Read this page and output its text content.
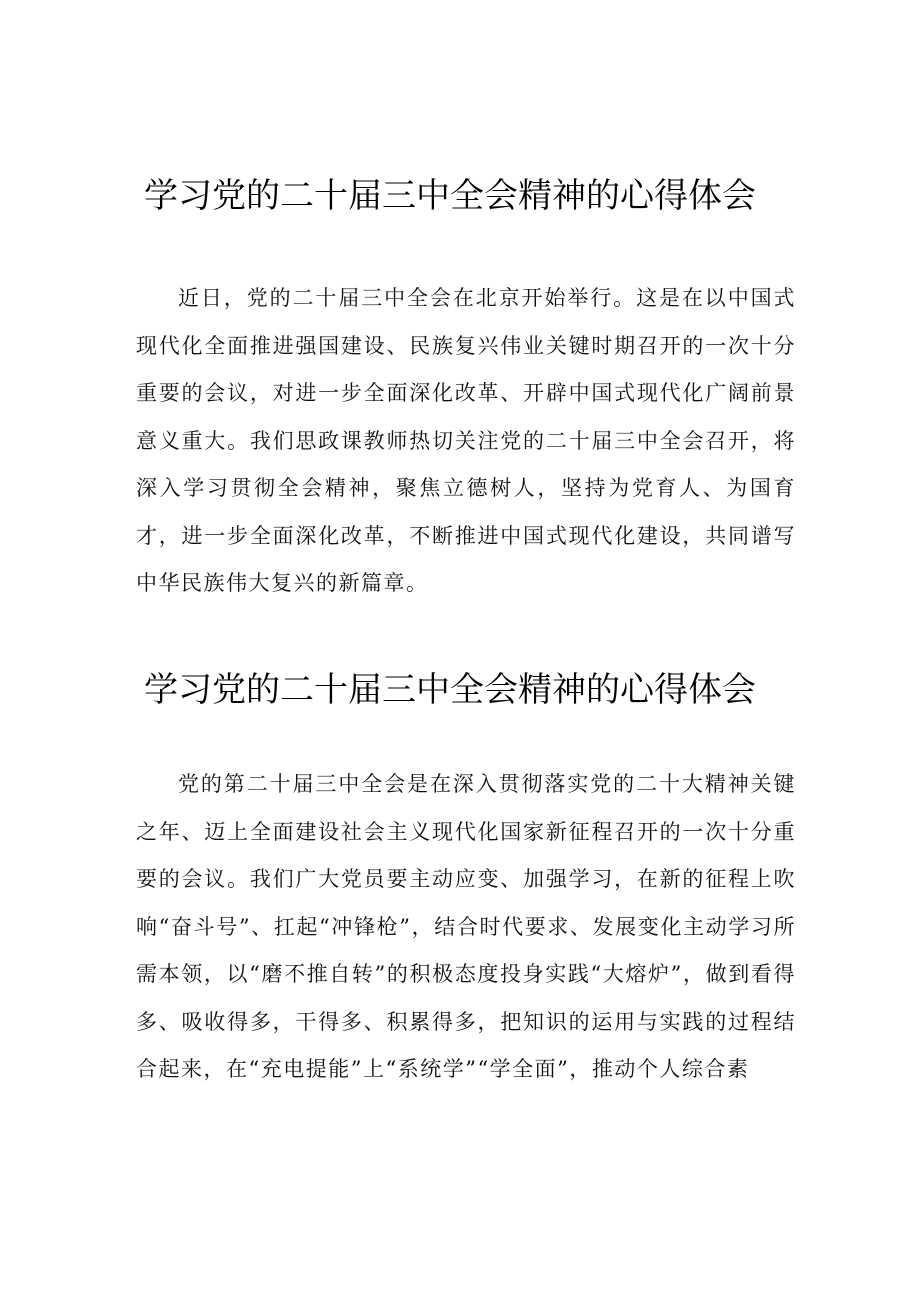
学习党的二十届三中全会精神的心得体会

近日，党的二十届三中全会在北京开始举行。这是在以中国式现代化全面推进强国建设、民族复兴伟业关键时期召开的一次十分重要的会议，对进一步全面深化改革、开辟中国式现代化广阔前景意义重大。我们思政课教师热切关注党的二十届三中全会召开，将深入学习贯彻全会精神，聚焦立德树人，坚持为党育人、为国育才，进一步全面深化改革，不断推进中国式现代化建设，共同谱写中华民族伟大复兴的新篇章。

学习党的二十届三中全会精神的心得体会

党的第二十届三中全会是在深入贯彻落实党的二十大精神关键之年、迈上全面建设社会主义现代化国家新征程召开的一次十分重要的会议。我们广大党员要主动应变、加强学习，在新的征程上吹响“奋斗号”、扛起“冲锋枪”，结合时代要求、发展变化主动学习所需本领，以“磨不推自转”的积极态度投身实践“大熔炉”，做到看得多、吸收得多，干得多、积累得多，把知识的运用与实践的过程结合起来，在“充电提能”上“系统学”“学全面”，推动个人综合素
